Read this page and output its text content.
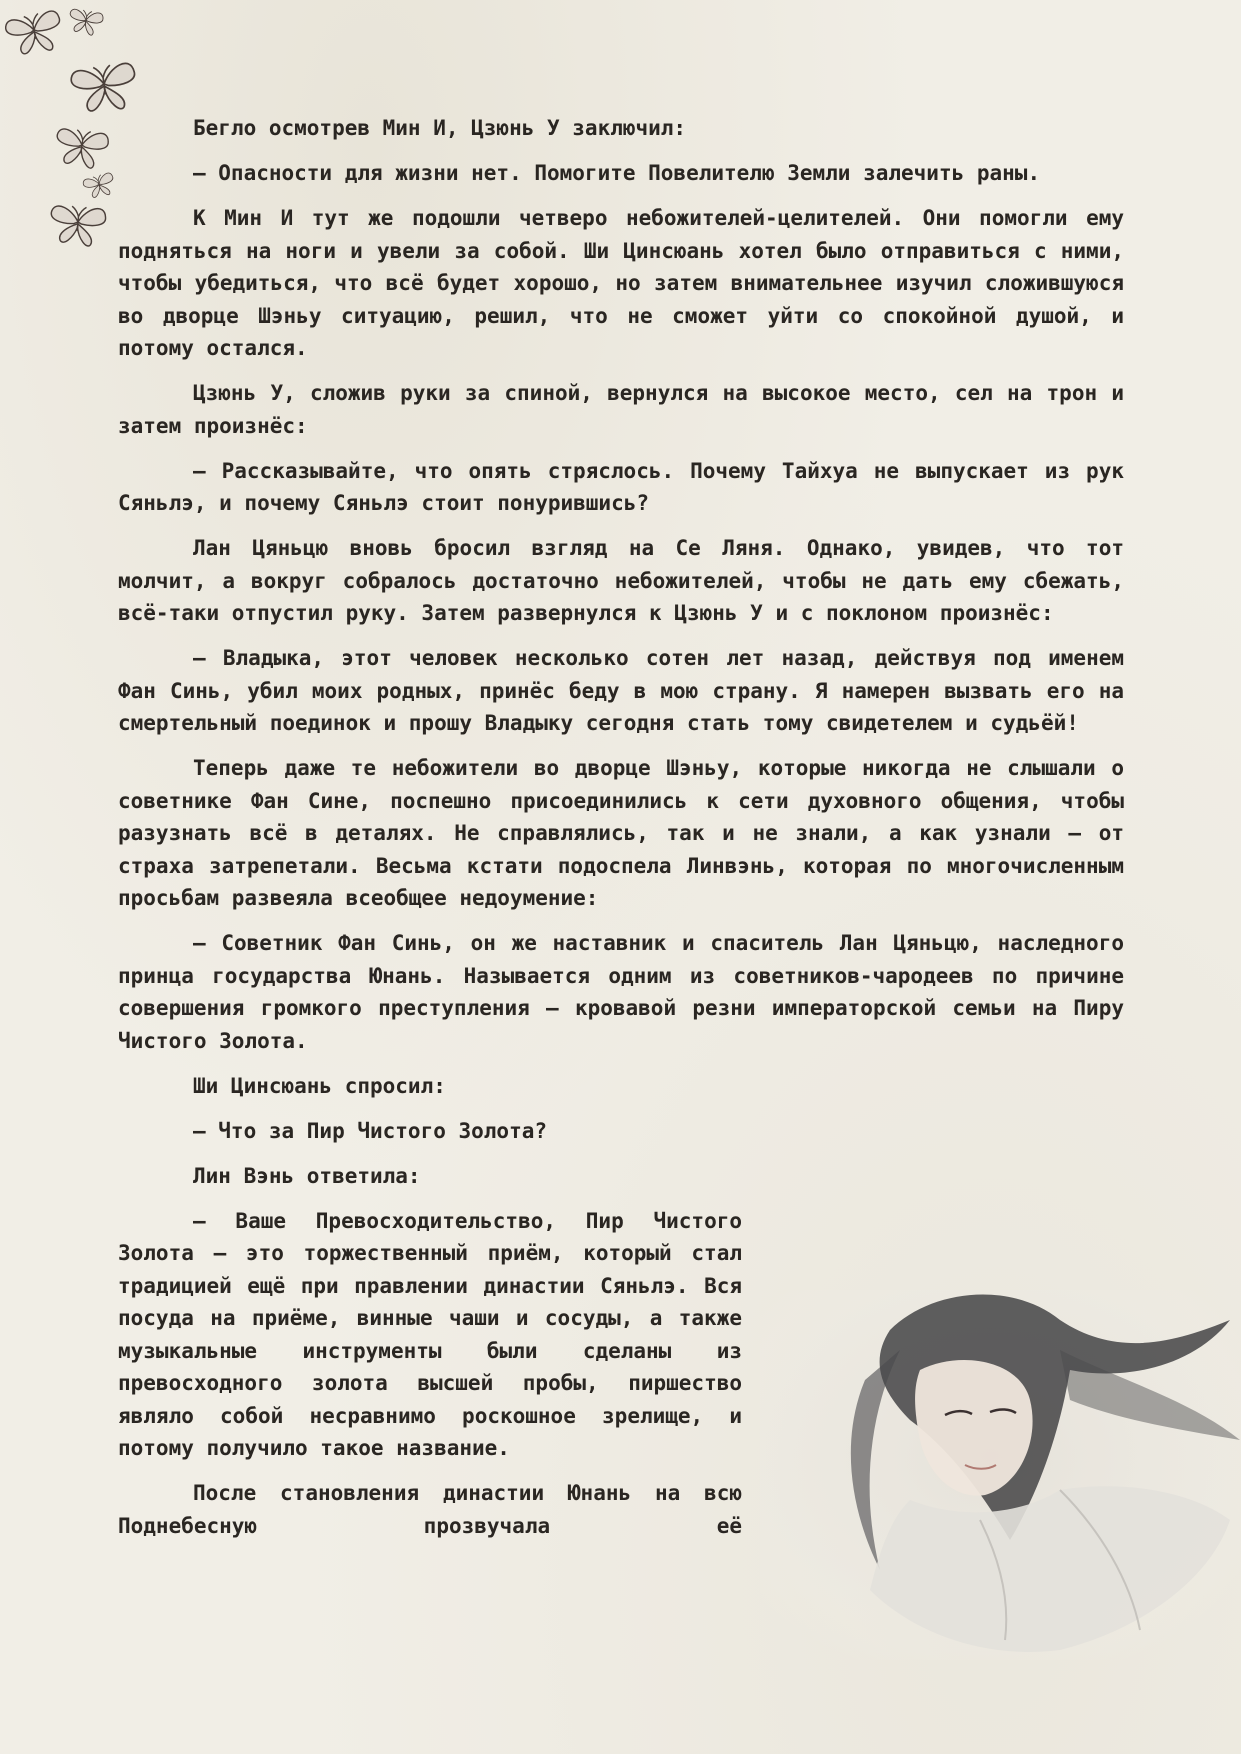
Бегло осмотрев Мин И, Цзюнь У заключил:

— Опасности для жизни нет. Помогите Повелителю Земли залечить раны.

К Мин И тут же подошли четверо небожителей-целителей. Они помогли ему подняться на ноги и увели за собой. Ши Цинсюань хотел было отправиться с ними, чтобы убедиться, что всё будет хорошо, но затем внимательнее изучил сложившуюся во дворце Шэньу ситуацию, решил, что не сможет уйти со спокойной душой, и потому остался.

Цзюнь У, сложив руки за спиной, вернулся на высокое место, сел на трон и затем произнёс:

— Рассказывайте, что опять стряслось. Почему Тайхуа не выпускает из рук Сяньлэ, и почему Сяньлэ стоит понурившись?

Лан Цяньцю вновь бросил взгляд на Се Ляня. Однако, увидев, что тот молчит, а вокруг собралось достаточно небожителей, чтобы не дать ему сбежать, всё-таки отпустил руку. Затем развернулся к Цзюнь У и с поклоном произнёс:

— Владыка, этот человек несколько сотен лет назад, действуя под именем Фан Синь, убил моих родных, принёс беду в мою страну. Я намерен вызвать его на смертельный поединок и прошу Владыку сегодня стать тому свидетелем и судьёй!

Теперь даже те небожители во дворце Шэньу, которые никогда не слышали о советнике Фан Сине, поспешно присоединились к сети духовного общения, чтобы разузнать всё в деталях. Не справлялись, так и не знали, а как узнали — от страха затрепетали. Весьма кстати подоспела Линвэнь, которая по многочисленным просьбам развеяла всеобщее недоумение:

— Советник Фан Синь, он же наставник и спаситель Лан Цяньцю, наследного принца государства Юнань. Называется одним из советников-чародеев по причине совершения громкого преступления — кровавой резни императорской семьи на Пиру Чистого Золота.

Ши Цинсюань спросил:

— Что за Пир Чистого Золота?

Лин Вэнь ответила:

— Ваше Превосходительство, Пир Чистого Золота — это торжественный приём, который стал традицией ещё при правлении династии Сяньлэ. Вся посуда на приёме, винные чаши и сосуды, а также музыкальные инструменты были сделаны из превосходного золота высшей пробы, пиршество являло собой несравнимо роскошное зрелище, и потому получило такое название.

После становления династии Юнань на всю Поднебесную прозвучала её
